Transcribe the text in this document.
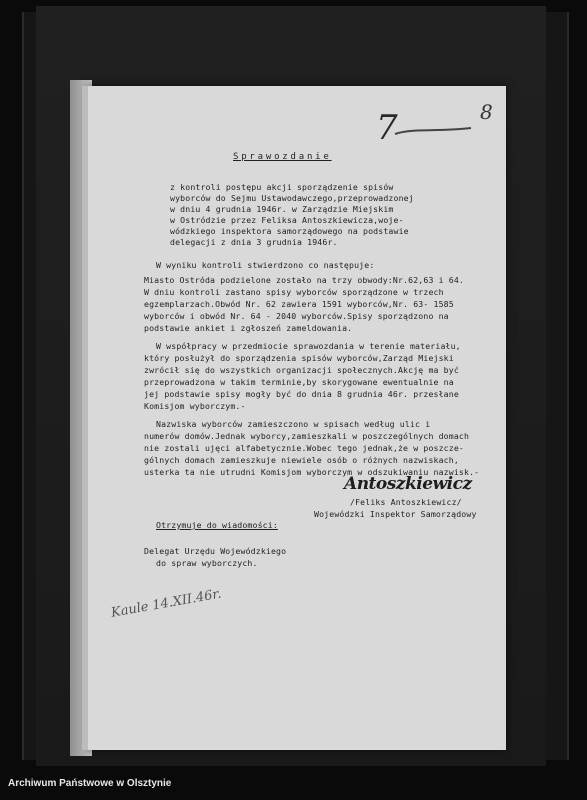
7	8
Sprawozdanie
z kontroli postępu akcji sporządzenie spisów
wyborców do Sejmu Ustawodawczego,przeprowadzonej
w dniu 4 grudnia 1946r. w Zarządzie Miejskim
w Ostródzie przez Feliksa Antoszkiewicza,woje-
wódzkiego inspektora samorządowego na podstawie
delegacji z dnia 3 grudnia 1946r.
W wyniku kontroli stwierdzono co następuje:
Miasto Ostróda podzielone zostało na trzy obwody:Nr.62,63 i 64.
W dniu kontroli zastano spisy wyborców sporządzone w trzech
egzemplarzach.Obwód Nr. 62 zawiera 1591 wyborców,Nr. 63- 1585
wyborców i obwód Nr. 64 - 2040 wyborców.Spisy sporządzono na
podstawie ankiet i zgłoszeń zameldowania.
W współpracy w przedmiocie sprawozdania w terenie materiału,
który posłużył do sporządzenia spisów wyborców,Zarząd Miejski
zwrócił się do wszystkich organizacji społecznych.Akcję ma być
przeprowadzona w takim terminie,by skorygowane ewentualnie na
jej podstawie spisy mogły być do dnia 8 grudnia 46r. przesłane
Komisjom wyborczym.-
Nazwiska wyborców zamieszczono w spisach według ulic i
numerów domów.Jednak wyborcy,zamieszkali w poszczególnych domach
nie zostali ujęci alfabetycznie.Wobec tego jednak,że w poszcze-
gólnych domach zamieszkuje niewiele osób o różnych nazwiskach,
usterka ta nie utrudni Komisjom wyborczym w odszukiwaniu nazwisk.-
Antoszkiewicz
/Feliks Antoszkiewicz/
Wojewódzki Inspektor Samorządowy
Otrzymuje do wiadomości:
Delegat Urzędu Wojewódzkiego
do spraw wyborczych.
Kaule 14.XII.46r.
Archiwum Państwowe w Olsztynie
